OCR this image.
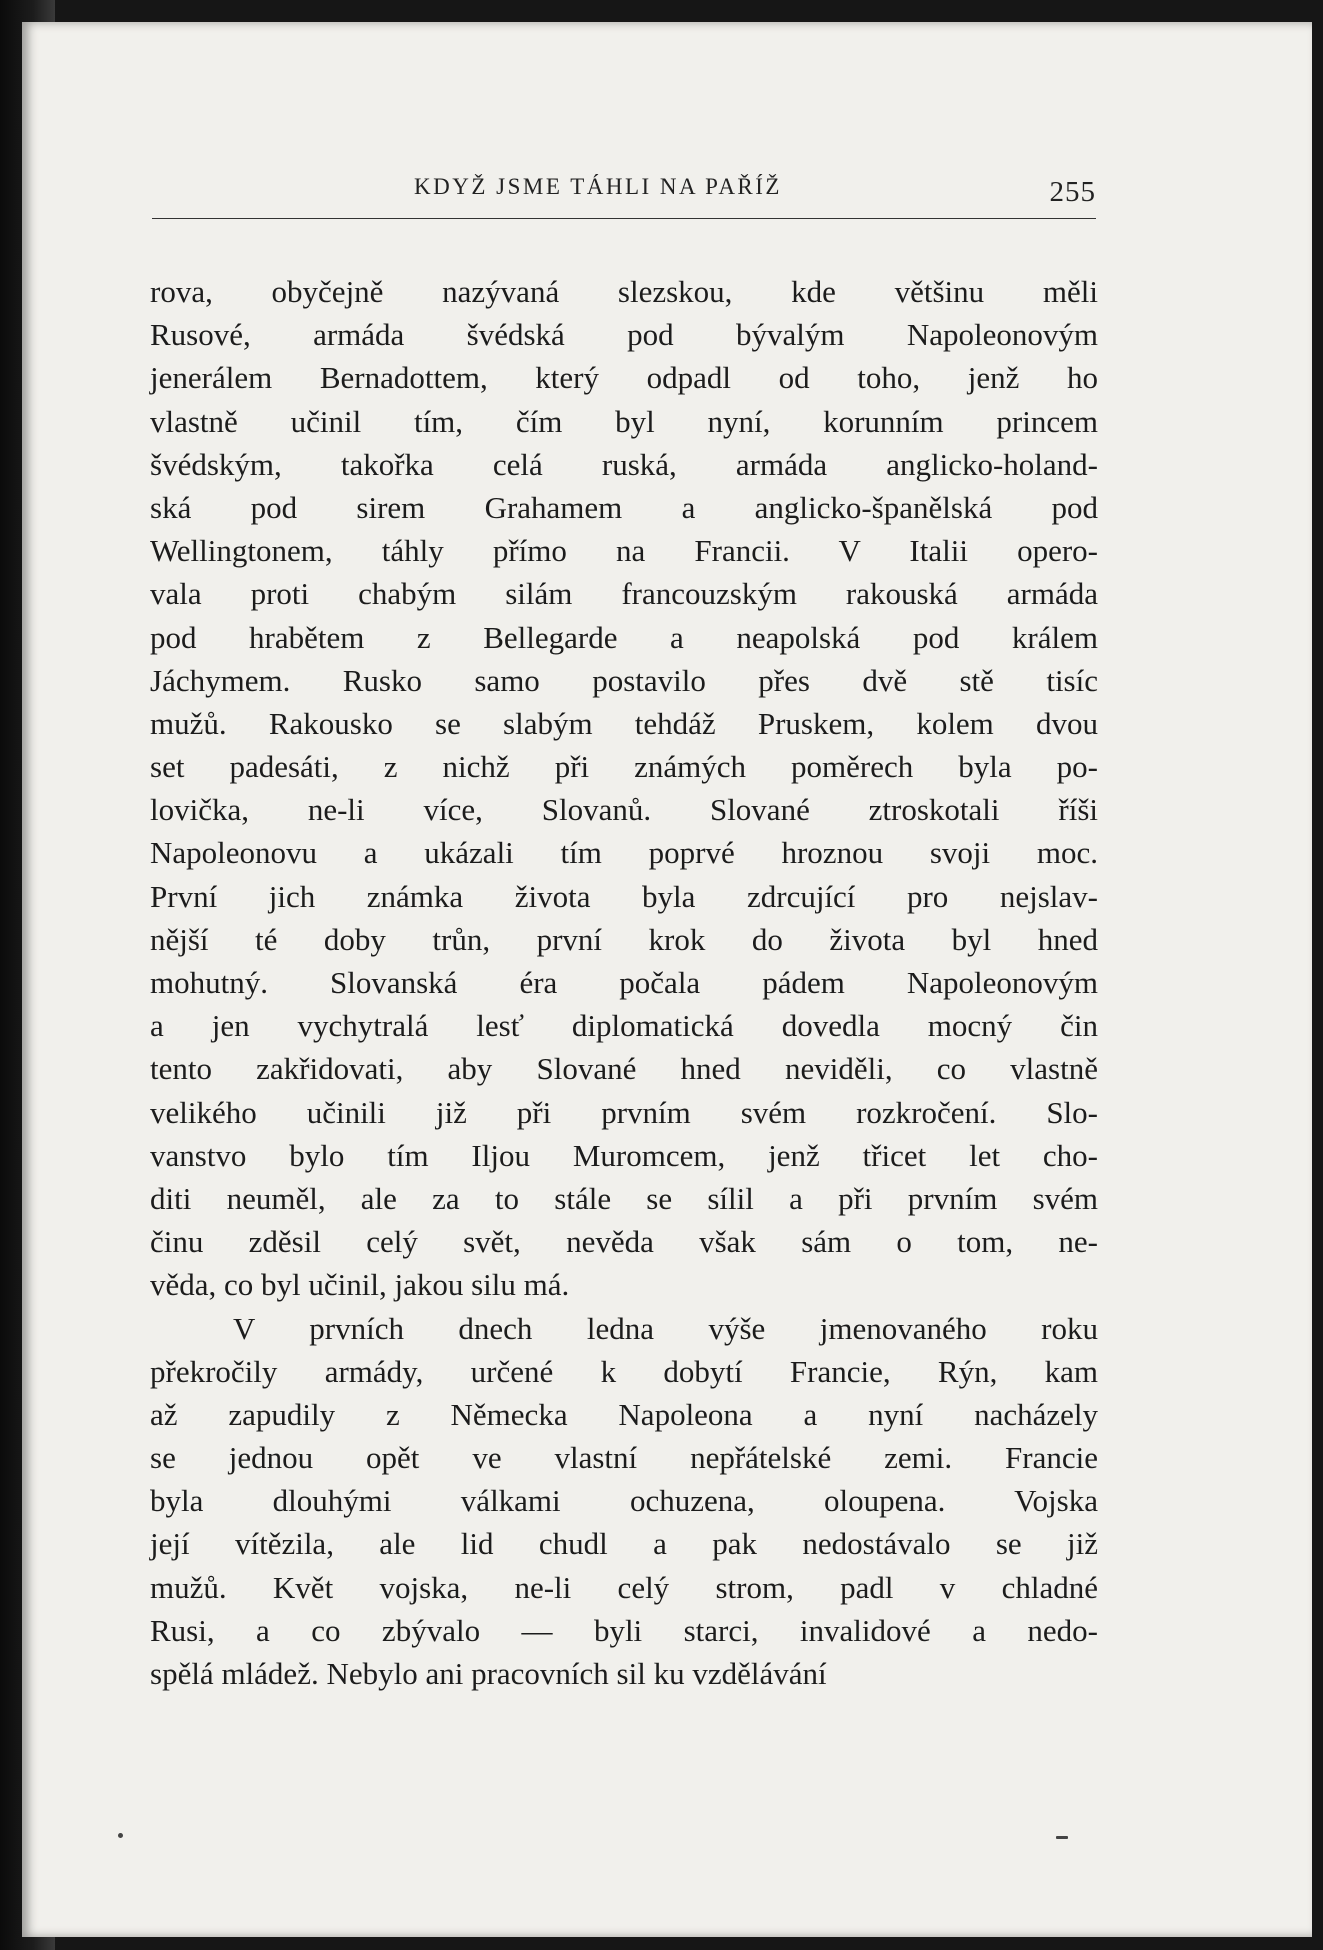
KDYŽ JSME TÁHLI NA PAŘÍŽ	255
rova, obyčejně nazývaná slezskou, kde většinu měli
Rusové, armáda švédská pod bývalým Napoleonovým
jenerálem Bernadottem, který odpadl od toho, jenž ho
vlastně učinil tím, čím byl nyní, korunním princem
švédským, takořka celá ruská, armáda anglicko-holand-
ská pod sirem Grahamem a anglicko-španělská pod
Wellingtonem, táhly přímo na Francii. V Italii opero-
vala proti chabým silám francouzským rakouská armáda
pod hrabětem z Bellegarde a neapolská pod králem
Jáchymem. Rusko samo postavilo přes dvě stě tisíc
mužů. Rakousko se slabým tehdáž Pruskem, kolem dvou
set padesáti, z nichž při známých poměrech byla po-
lovička, ne-li více, Slovanů. Slované ztroskotali říši
Napoleonovu a ukázali tím poprvé hroznou svoji moc.
První jich známka života byla zdrcující pro nejslav-
nější té doby trůn, první krok do života byl hned
mohutný. Slovanská éra počala pádem Napoleonovým
a jen vychytralá lesť diplomatická dovedla mocný čin
tento zakřidovati, aby Slované hned neviděli, co vlastně
velikého učinili již při prvním svém rozkročení. Slo-
vanstvo bylo tím Iljou Muromcem, jenž třicet let cho-
diti neuměl, ale za to stále se sílil a při prvním svém
činu zděsil celý svět, nevěda však sám o tom, ne-
věda, co byl učinil, jakou silu má.
V prvních dnech ledna výše jmenovaného roku
překročily armády, určené k dobytí Francie, Rýn, kam
až zapudily z Německa Napoleona a nyní nacházely
se jednou opět ve vlastní nepřátelské zemi. Francie
byla dlouhými válkami ochuzena, oloupena. Vojska
její vítězila, ale lid chudl a pak nedostávalo se již
mužů. Květ vojska, ne-li celý strom, padl v chladné
Rusi, a co zbývalo — byli starci, invalidové a nedo-
spělá mládež. Nebylo ani pracovních sil ku vzdělávání
